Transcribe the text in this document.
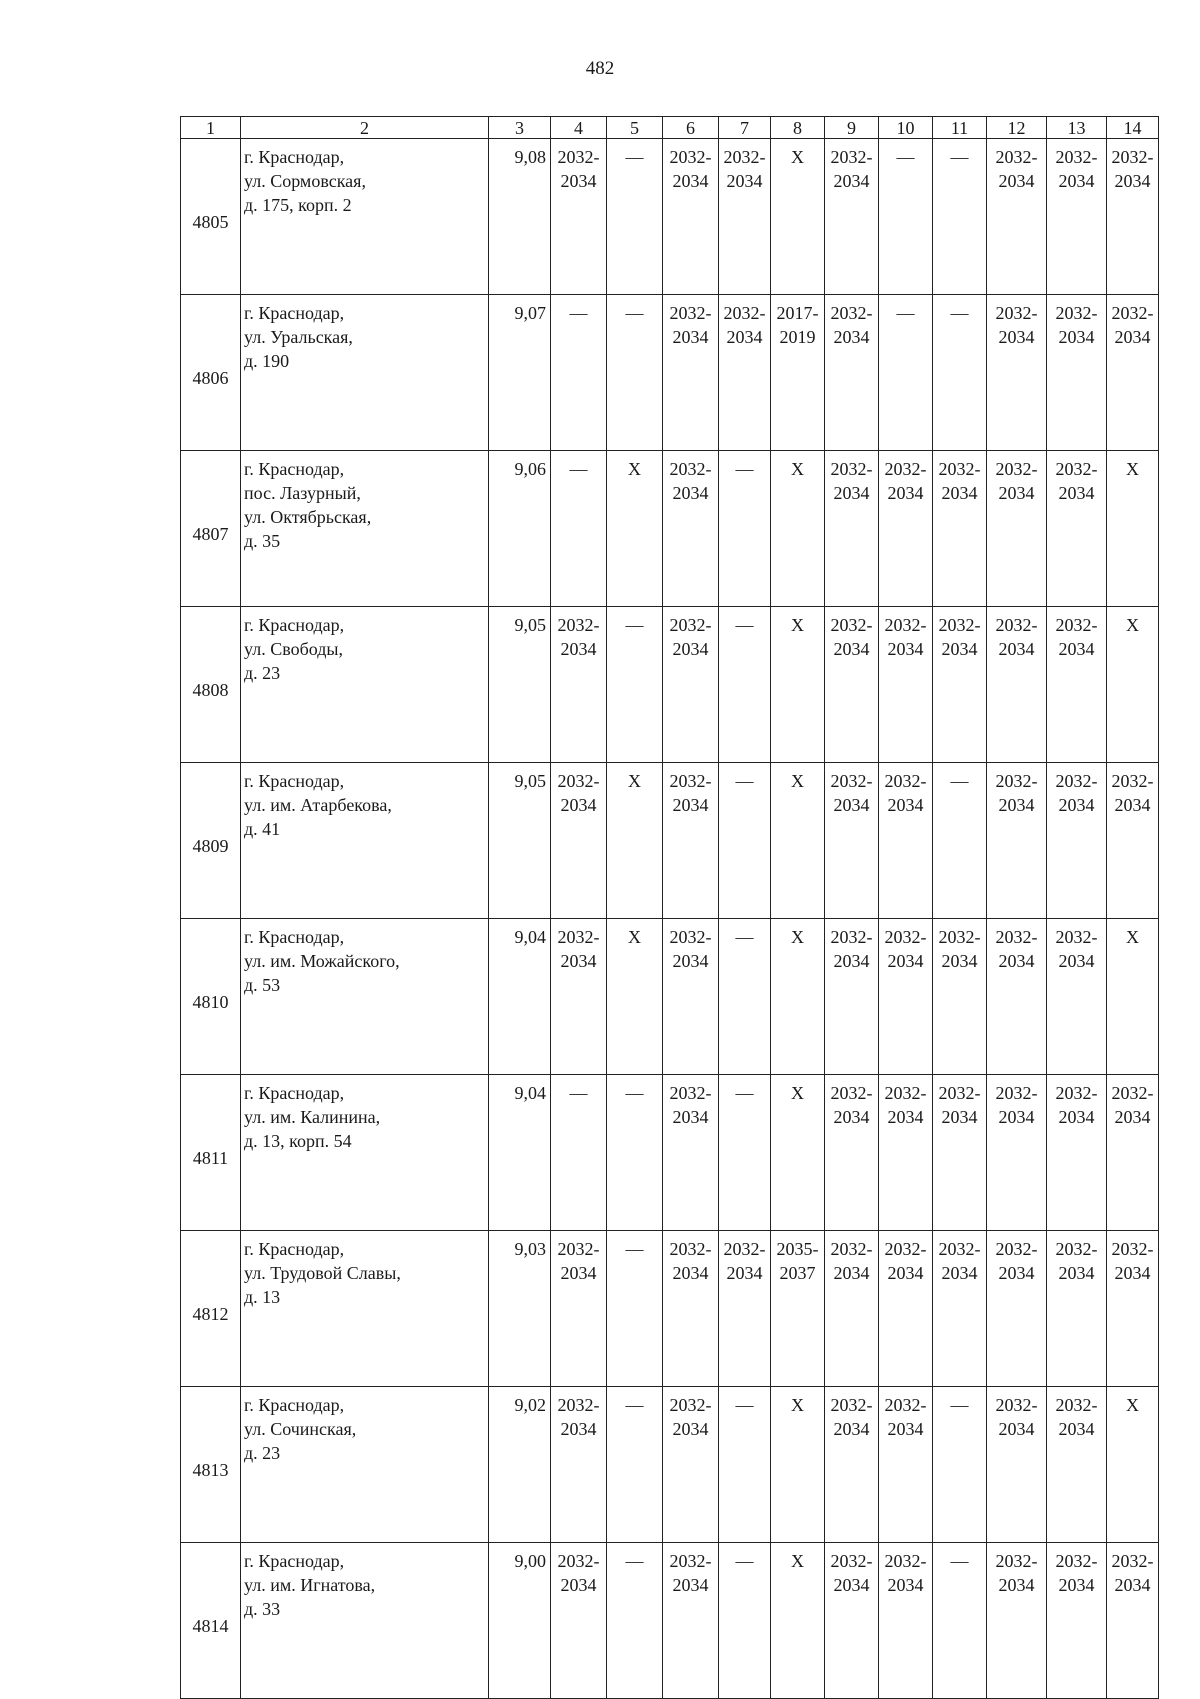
482
1	2	3	4	5	6	7	8	9	10	11	12	13	14
4805	г. Краснодар,
ул. Сормовская,
д. 175, корп. 2	9,08	2032-
2034	—	2032-
2034	2032-
2034	Х	2032-
2034	—	—	2032-
2034	2032-
2034	2032-
2034

4806	г. Краснодар,
ул. Уральская,
д. 190	9,07	—	—	2032-
2034	2032-
2034	2017-
2019	2032-
2034	—	—	2032-
2034	2032-
2034	2032-
2034

4807	г. Краснодар,
пос. Лазурный,
ул. Октябрьская,
д. 35	9,06	—	Х	2032-
2034	—	Х	2032-
2034	2032-
2034	2032-
2034	2032-
2034	2032-
2034	Х

4808	г. Краснодар,
ул. Свободы,
д. 23	9,05	2032-
2034	—	2032-
2034	—	Х	2032-
2034	2032-
2034	2032-
2034	2032-
2034	2032-
2034	Х

4809	г. Краснодар,
ул. им. Атарбекова,
д. 41	9,05	2032-
2034	Х	2032-
2034	—	Х	2032-
2034	2032-
2034	—	2032-
2034	2032-
2034	2032-
2034

4810	г. Краснодар,
ул. им. Можайского,
д. 53	9,04	2032-
2034	Х	2032-
2034	—	Х	2032-
2034	2032-
2034	2032-
2034	2032-
2034	2032-
2034	Х

4811	г. Краснодар,
ул. им. Калинина,
д. 13, корп. 54	9,04	—	—	2032-
2034	—	Х	2032-
2034	2032-
2034	2032-
2034	2032-
2034	2032-
2034	2032-
2034

4812	г. Краснодар,
ул. Трудовой Славы,
д. 13	9,03	2032-
2034	—	2032-
2034	2032-
2034	2035-
2037	2032-
2034	2032-
2034	2032-
2034	2032-
2034	2032-
2034	2032-
2034

4813	г. Краснодар,
ул. Сочинская,
д. 23	9,02	2032-
2034	—	2032-
2034	—	Х	2032-
2034	2032-
2034	—	2032-
2034	2032-
2034	Х

4814	г. Краснодар,
ул. им. Игнатова,
д. 33	9,00	2032-
2034	—	2032-
2034	—	Х	2032-
2034	2032-
2034	—	2032-
2034	2032-
2034	2032-
2034
